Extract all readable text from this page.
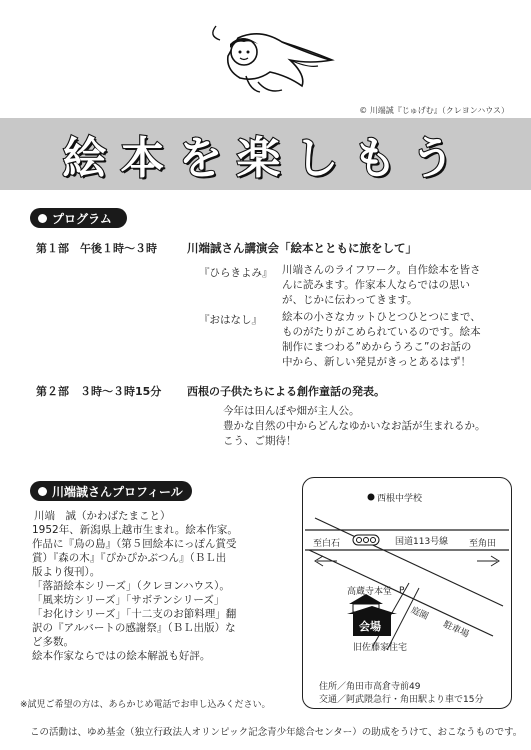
© 川端誠『じゅげむ』（クレヨンハウス）
絵本を楽しもう
プログラム
第１部　午後１時～３時	川端誠さん講演会「絵本とともに旅をして」
『ひらきよみ』 川端さんのライフワーク。自作絵本を皆さ
んに読みます。作家本人ならではの思い
が、じかに伝わってきます。
『おはなし』 絵本の小さなカットひとつひとつにまで、
ものがたりがこめられているのです。絵本
制作にまつわる”めからうろこ”のお話の
中から、新しい発見がきっとあるはず！
第２部　３時～３時15分 西根の子供たちによる創作童話の発表。
今年は田んぼや畑が主人公。
豊かな自然の中からどんなゆかいなお話が生まれるか。
こう、ご期待！
川端誠さんプロフィール
川端　誠（かわばたまこと）
1952年、新潟県上越市生まれ。絵本作家。
作品に『鳥の島』（第５回絵本にっぽん賞受
賞）『森の木』『ぴかぴかぶつん』（ＢＬ出
版より復刊）。
「落語絵本シリーズ」（クレヨンハウス）。
「風来坊シリーズ」「サボテンシリーズ」
「お化けシリーズ」「十二支のお節料理」翻
訳の『アルバートの感謝祭』（ＢＬ出版）な
ど多数。
絵本作家ならではの絵本解説も好評。
※試児ご希望の方は、あらかじめ電話でお申し込みください。
西根中学校
国道113号線
至白石	至角田
高蔵寺本堂
会場
旧佐藤家住宅
P
庭園
駐車場
住所／角田市高倉寺前49
交通／阿武隈急行・角田駅より車で15分
この活動は、ゆめ基金（独立行政法人オリンピック記念青少年総合センター）の助成をうけて、おこなうものです。
